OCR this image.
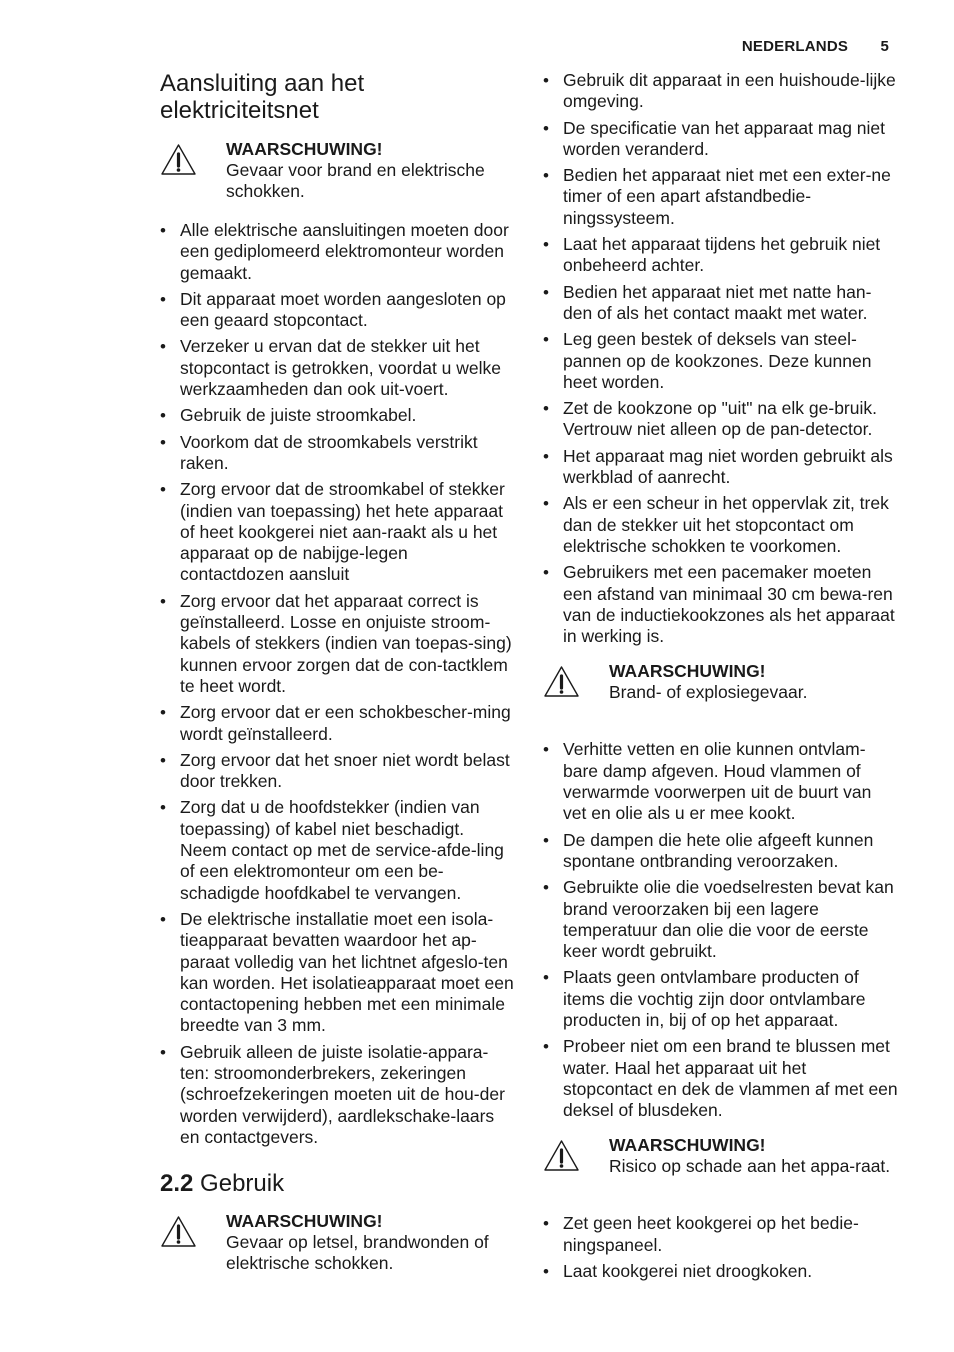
NEDERLANDS 5
Aansluiting aan het elektriciteitsnet
WAARSCHUWING!
Gevaar voor brand en elektrische schokken.
• Alle elektrische aansluitingen moeten door een gediplomeerd elektromonteur worden gemaakt.
• Dit apparaat moet worden aangesloten op een geaard stopcontact.
• Verzeker u ervan dat de stekker uit het stopcontact is getrokken, voordat u welke werkzaamheden dan ook uit-voert.
• Gebruik de juiste stroomkabel.
• Voorkom dat de stroomkabels verstrikt raken.
• Zorg ervoor dat de stroomkabel of stekker (indien van toepassing) het hete apparaat of heet kookgerei niet aan-raakt als u het apparaat op de nabijge-legen contactdozen aansluit
• Zorg ervoor dat het apparaat correct is geïnstalleerd. Losse en onjuiste stroom-kabels of stekkers (indien van toepas-sing) kunnen ervoor zorgen dat de con-tactklem te heet wordt.
• Zorg ervoor dat er een schokbescher-ming wordt geïnstalleerd.
• Zorg ervoor dat het snoer niet wordt belast door trekken.
• Zorg dat u de hoofdstekker (indien van toepassing) of kabel niet beschadigt. Neem contact op met de service-afde-ling of een elektromonteur om een be-schadigde hoofdkabel te vervangen.
• De elektrische installatie moet een isola-tieapparaat bevatten waardoor het ap-paraat volledig van het lichtnet afgeslo-ten kan worden. Het isolatieapparaat moet een contactopening hebben met een minimale breedte van 3 mm.
• Gebruik alleen de juiste isolatie-appara-ten: stroomonderbrekers, zekeringen (schroefzekeringen moeten uit de hou-der worden verwijderd), aardlekschake-laars en contactgevers.
2.2 Gebruik
WAARSCHUWING!
Gevaar op letsel, brandwonden of elektrische schokken.
• Gebruik dit apparaat in een huishoude-lijke omgeving.
• De specificatie van het apparaat mag niet worden veranderd.
• Bedien het apparaat niet met een exter-ne timer of een apart afstandbedie-ningssysteem.
• Laat het apparaat tijdens het gebruik niet onbeheerd achter.
• Bedien het apparaat niet met natte han-den of als het contact maakt met water.
• Leg geen bestek of deksels van steel-pannen op de kookzones. Deze kunnen heet worden.
• Zet de kookzone op "uit" na elk ge-bruik. Vertrouw niet alleen op de pan-detector.
• Het apparaat mag niet worden gebruikt als werkblad of aanrecht.
• Als er een scheur in het oppervlak zit, trek dan de stekker uit het stopcontact om elektrische schokken te voorkomen.
• Gebruikers met een pacemaker moeten een afstand van minimaal 30 cm bewa-ren van de inductiekookzones als het apparaat in werking is.
WAARSCHUWING!
Brand- of explosiegevaar.
• Verhitte vetten en olie kunnen ontvlam-bare damp afgeven. Houd vlammen of verwarmde voorwerpen uit de buurt van vet en olie als u er mee kookt.
• De dampen die hete olie afgeeft kunnen spontane ontbranding veroorzaken.
• Gebruikte olie die voedselresten bevat kan brand veroorzaken bij een lagere temperatuur dan olie die voor de eerste keer wordt gebruikt.
• Plaats geen ontvlambare producten of items die vochtig zijn door ontvlambare producten in, bij of op het apparaat.
• Probeer niet om een brand te blussen met water. Haal het apparaat uit het stopcontact en dek de vlammen af met een deksel of blusdeken.
WAARSCHUWING!
Risico op schade aan het appa-raat.
• Zet geen heet kookgerei op het bedie-ningspaneel.
• Laat kookgerei niet droogkoken.
